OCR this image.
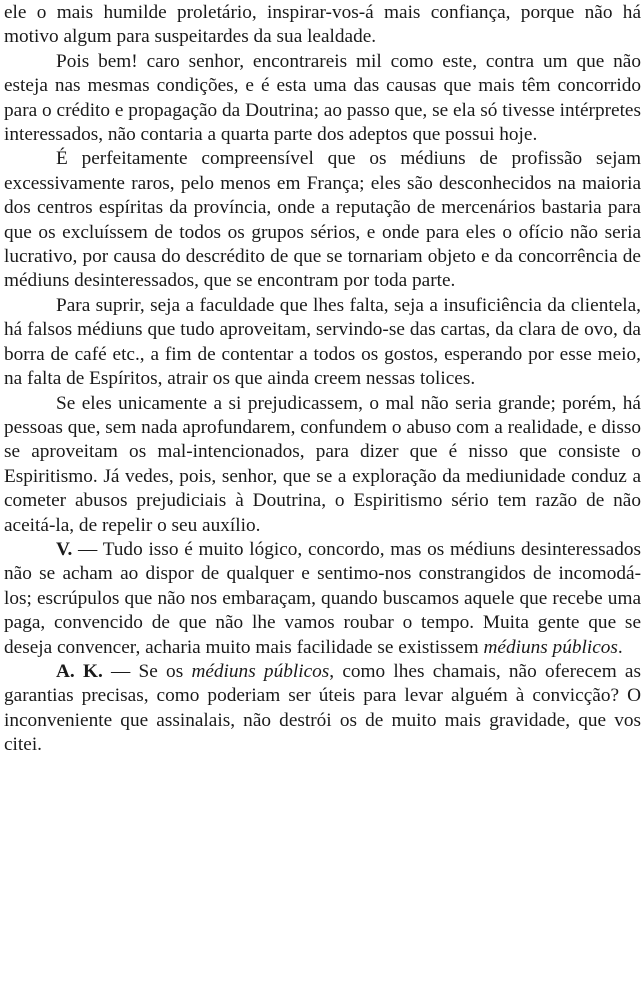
ele o mais humilde proletário, inspirar-vos-á mais confiança, porque não há motivo algum para suspeitardes da sua lealdade.

Pois bem! caro senhor, encontrareis mil como este, contra um que não esteja nas mesmas condições, e é esta uma das causas que mais têm concorrido para o crédito e propagação da Doutrina; ao passo que, se ela só tivesse intérpretes interessados, não contaria a quarta parte dos adeptos que possui hoje.

É perfeitamente compreensível que os médiuns de profissão sejam excessivamente raros, pelo menos em França; eles são desconhecidos na maioria dos centros espíritas da província, onde a reputação de mercenários bastaria para que os excluíssem de todos os grupos sérios, e onde para eles o ofício não seria lucrativo, por causa do descrédito de que se tornariam objeto e da concorrência de médiuns desinteressados, que se encontram por toda parte.

Para suprir, seja a faculdade que lhes falta, seja a insuficiência da clientela, há falsos médiuns que tudo aproveitam, servindo-se das cartas, da clara de ovo, da borra de café etc., a fim de contentar a todos os gostos, esperando por esse meio, na falta de Espíritos, atrair os que ainda creem nessas tolices.

Se eles unicamente a si prejudicassem, o mal não seria grande; porém, há pessoas que, sem nada aprofundarem, confundem o abuso com a realidade, e disso se aproveitam os mal-intencionados, para dizer que é nisso que consiste o Espiritismo. Já vedes, pois, senhor, que se a exploração da mediunidade conduz a cometer abusos prejudiciais à Doutrina, o Espiritismo sério tem razão de não aceitá-la, de repelir o seu auxílio.

V. — Tudo isso é muito lógico, concordo, mas os médiuns desinteressados não se acham ao dispor de qualquer e sentimo-nos constrangidos de incomodá-los; escrúpulos que não nos embaraçam, quando buscamos aquele que recebe uma paga, convencido de que não lhe vamos roubar o tempo. Muita gente que se deseja convencer, acharia muito mais facilidade se existissem médiuns públicos.

A. K. — Se os médiuns públicos, como lhes chamais, não oferecem as garantias precisas, como poderiam ser úteis para levar alguém à convicção? O inconveniente que assinalais, não destrói os de muito mais gravidade, que vos citei.
